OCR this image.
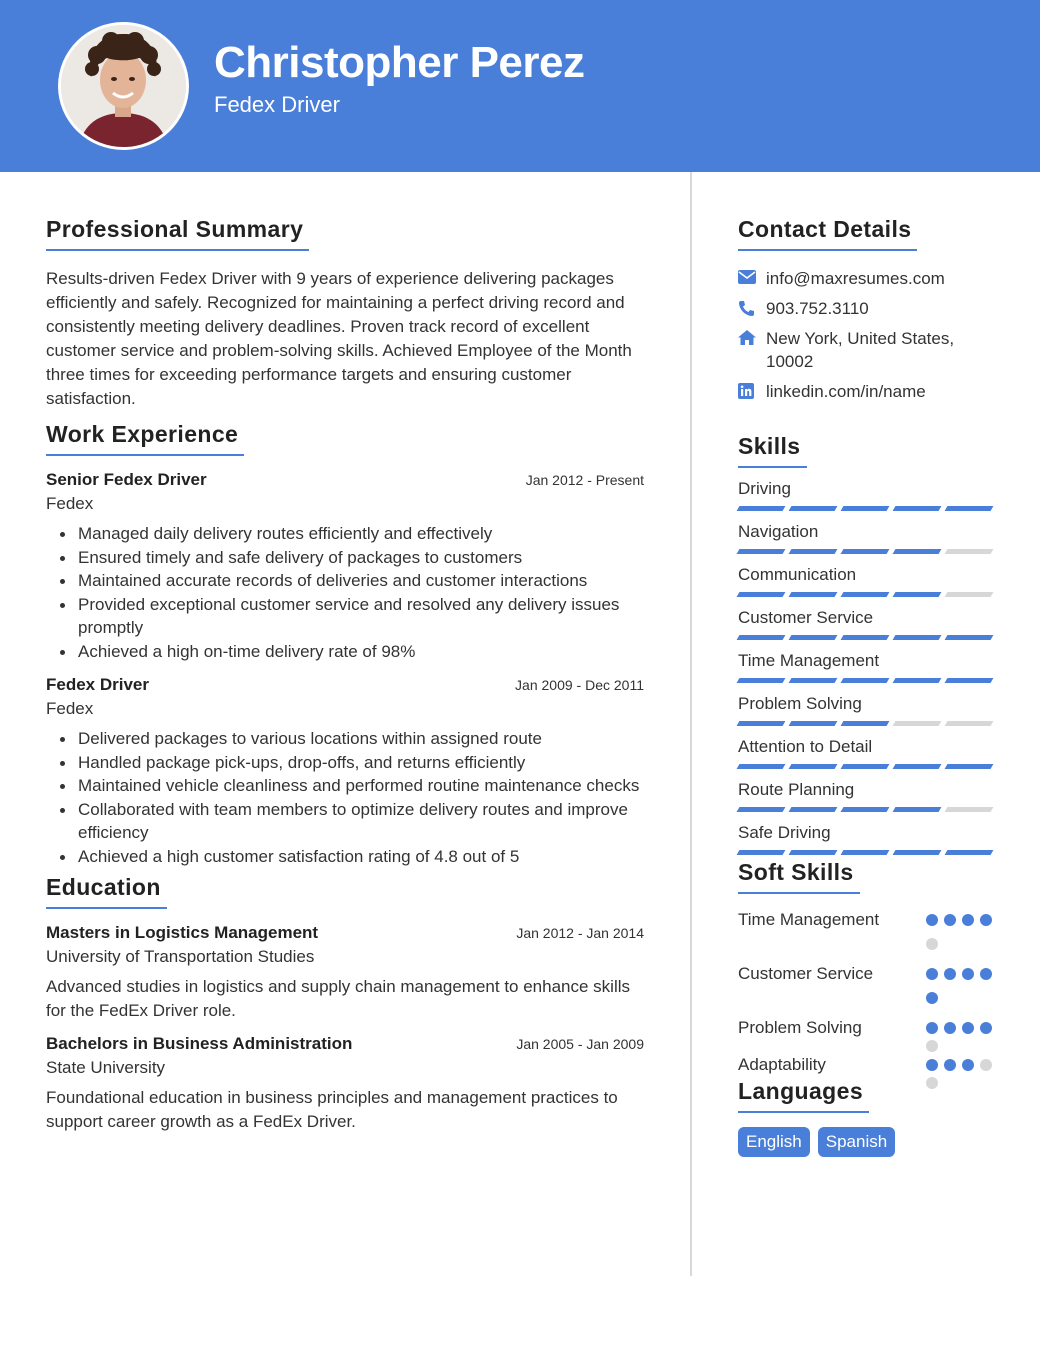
Christopher Perez
Fedex Driver
Professional Summary

Results-driven Fedex Driver with 9 years of experience delivering packages efficiently and safely. Recognized for maintaining a perfect driving record and consistently meeting delivery deadlines. Proven track record of excellent customer service and problem-solving skills. Achieved Employee of the Month three times for exceeding performance targets and ensuring customer satisfaction.

Work Experience
Senior Fedex Driver	Jan 2012 - Present
Fedex
Managed daily delivery routes efficiently and effectively
Ensured timely and safe delivery of packages to customers
Maintained accurate records of deliveries and customer interactions
Provided exceptional customer service and resolved any delivery issues promptly
Achieved a high on-time delivery rate of 98%
Fedex Driver	Jan 2009 - Dec 2011
Fedex
Delivered packages to various locations within assigned route
Handled package pick-ups, drop-offs, and returns efficiently
Maintained vehicle cleanliness and performed routine maintenance checks
Collaborated with team members to optimize delivery routes and improve efficiency
Achieved a high customer satisfaction rating of 4.8 out of 5
Education
Masters in Logistics Management	Jan 2012 - Jan 2014
University of Transportation Studies

Advanced studies in logistics and supply chain management to enhance skills for the FedEx Driver role.

Bachelors in Business Administration	Jan 2005 - Jan 2009
State University

Foundational education in business principles and management practices to support career growth as a FedEx Driver.

Contact Details
info@maxresumes.com
903.752.3110
New York, United States, 10002
linkedin.com/in/name
Skills
Driving
Navigation
Communication
Customer Service
Time Management
Problem Solving
Attention to Detail
Route Planning
Safe Driving
Soft Skills
Time Management
Customer Service
Problem Solving
Adaptability
Languages
English	Spanish
